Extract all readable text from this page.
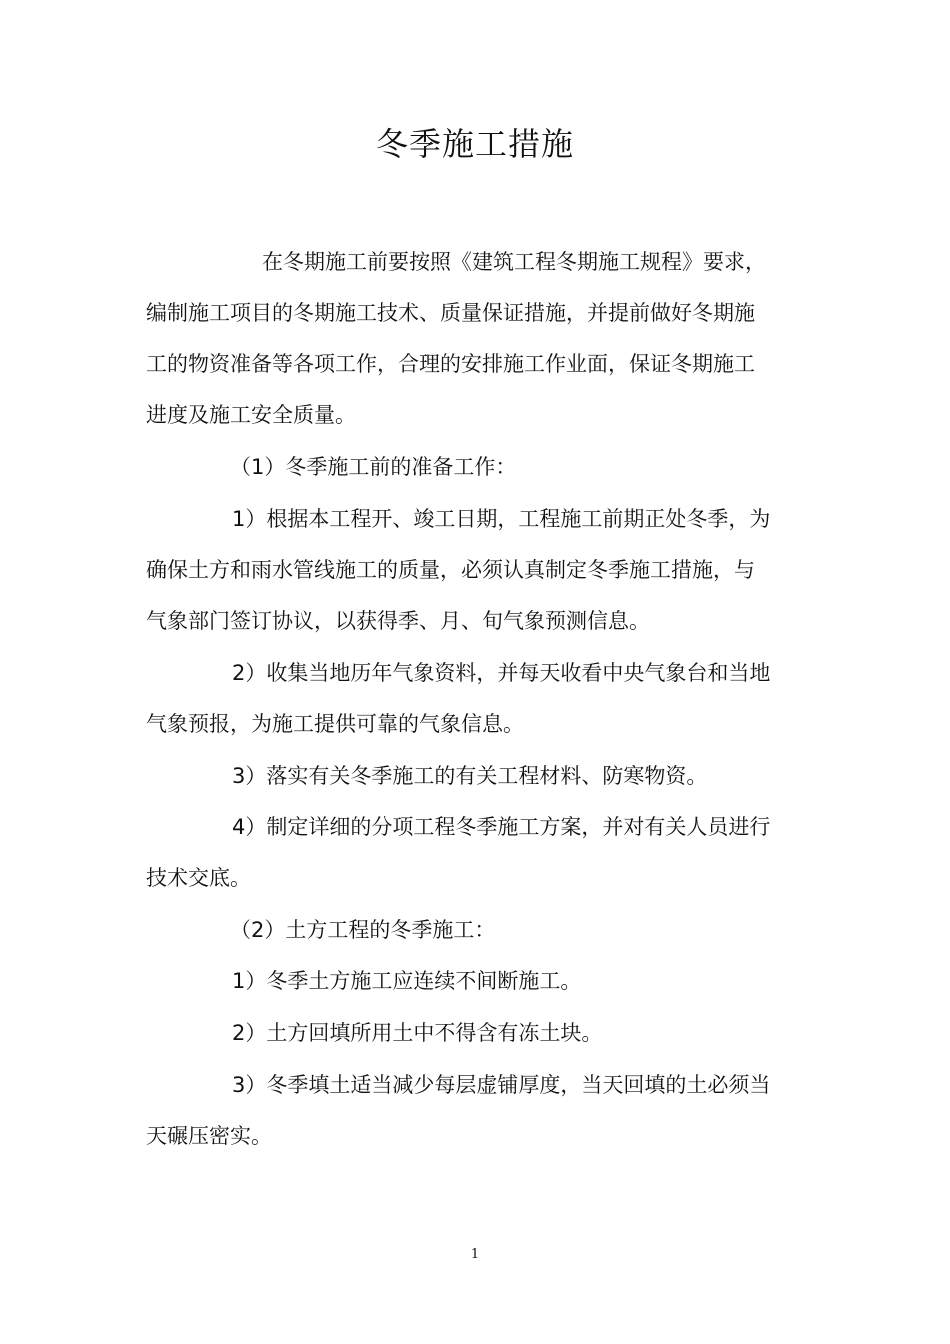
冬季施工措施
在冬期施工前要按照《建筑工程冬期施工规程》要求，
编制施工项目的冬期施工技术、质量保证措施，并提前做好冬期施
工的物资准备等各项工作，合理的安排施工作业面，保证冬期施工
进度及施工安全质量。
（1）冬季施工前的准备工作：
1）根据本工程开、竣工日期，工程施工前期正处冬季，为
确保土方和雨水管线施工的质量，必须认真制定冬季施工措施，与
气象部门签订协议，以获得季、月、旬气象预测信息。
2）收集当地历年气象资料，并每天收看中央气象台和当地
气象预报，为施工提供可靠的气象信息。
3）落实有关冬季施工的有关工程材料、防寒物资。
4）制定详细的分项工程冬季施工方案，并对有关人员进行
技术交底。
（2）土方工程的冬季施工：
1）冬季土方施工应连续不间断施工。
2）土方回填所用土中不得含有冻土块。
3）冬季填土适当减少每层虚铺厚度，当天回填的土必须当
天碾压密实。
1
